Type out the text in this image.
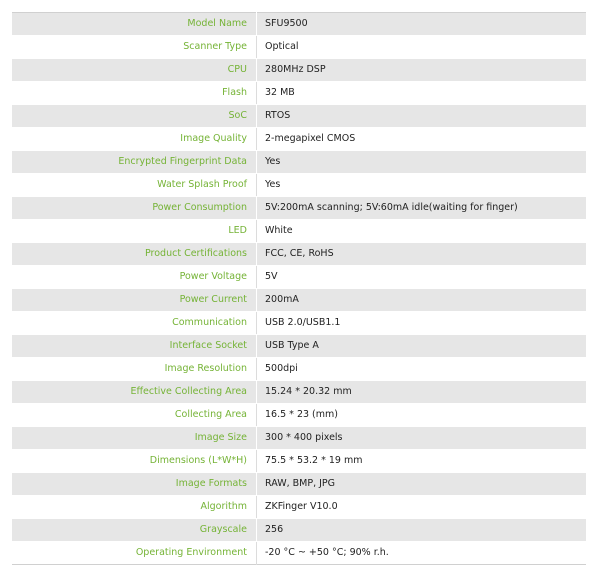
Model Name	SFU9500
Scanner Type	Optical
CPU	280MHz DSP
Flash	32 MB
SoC	RTOS
Image Quality	2-megapixel CMOS
Encrypted Fingerprint Data	Yes
Water Splash Proof	Yes
Power Consumption	5V:200mA scanning; 5V:60mA idle(waiting for finger)
LED	White
Product Certifications	FCC, CE, RoHS
Power Voltage	5V
Power Current	200mA
Communication	USB 2.0/USB1.1
Interface Socket	USB Type A
Image Resolution	500dpi
Effective Collecting Area	15.24 * 20.32 mm
Collecting Area	16.5 * 23 (mm)
Image Size	300 * 400 pixels
Dimensions (L*W*H)	75.5 * 53.2 * 19 mm
Image Formats	RAW, BMP, JPG
Algorithm	ZKFinger V10.0
Grayscale	256
Operating Environment	-20 °C ~ +50 °C; 90% r.h.
